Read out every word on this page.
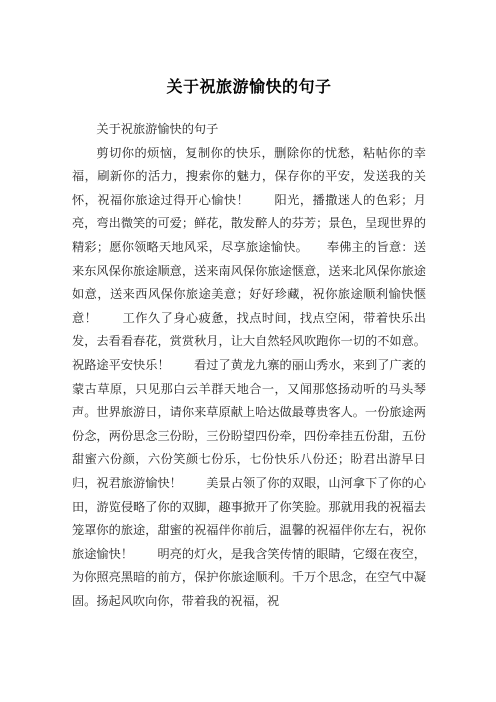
关于祝旅游愉快的句子

关于祝旅游愉快的句子

剪切你的烦恼，复制你的快乐，删除你的忧愁，粘帖你的幸福，刷新你的活力，搜索你的魅力，保存你的平安，发送我的关怀，祝福你旅途过得开心愉快！　　阳光，播撒迷人的色彩；月亮，弯出微笑的可爱；鲜花，散发醉人的芬芳；景色，呈现世界的精彩；愿你领略天地风采，尽享旅途愉快。　　奉佛主的旨意：送来东风保你旅途顺意，送来南风保你旅途惬意，送来北风保你旅途如意，送来西风保你旅途美意；好好珍藏，祝你旅途顺利愉快惬意！　　工作久了身心疲惫，找点时间，找点空闲，带着快乐出发，去看看春花，赏赏秋月，让大自然轻风吹跑你一切的不如意。祝路途平安快乐！　　看过了黄龙九寨的丽山秀水，来到了广袤的蒙古草原，只见那白云羊群天地合一，又闻那悠扬动听的马头琴声。世界旅游日，请你来草原献上哈达做最尊贵客人。一份旅途两份念，两份思念三份盼，三份盼望四份牵，四份牵挂五份甜，五份甜蜜六份颜，六份笑颜七份乐，七份快乐八份还；盼君出游早日归，祝君旅游愉快！　　美景占领了你的双眼，山河拿下了你的心田，游览侵略了你的双脚，趣事掀开了你笑脸。那就用我的祝福去笼罩你的旅途，甜蜜的祝福伴你前后，温馨的祝福伴你左右，祝你旅途愉快！　　明亮的灯火，是我含笑传情的眼睛，它缀在夜空，为你照亮黑暗的前方，保护你旅途顺利。千万个思念，在空气中凝固。扬起风吹向你，带着我的祝福，祝
